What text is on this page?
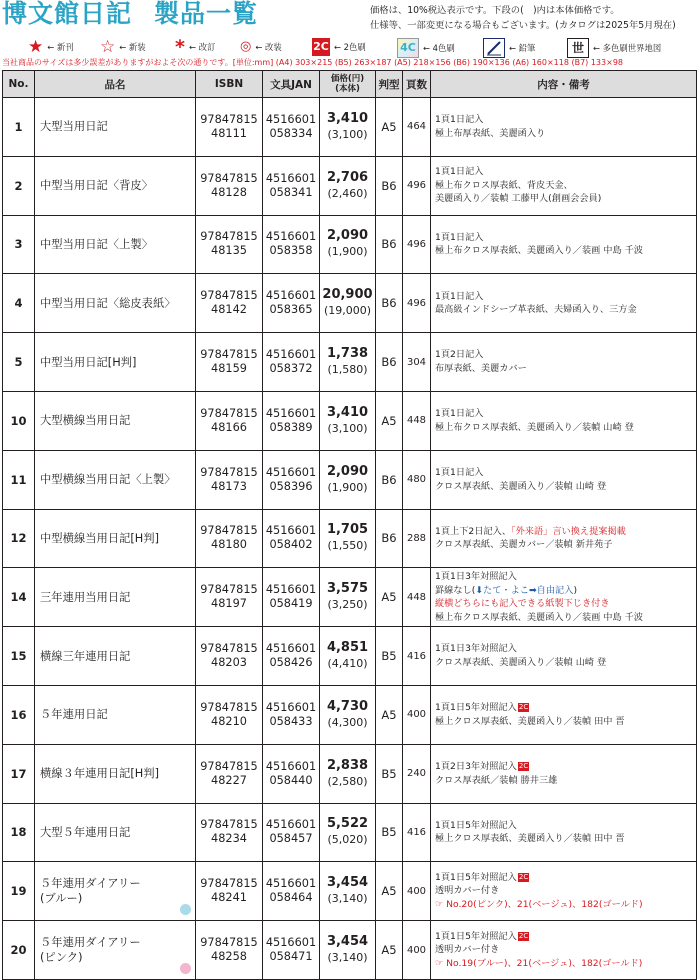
博文館日記 製品一覧	価格は、10%税込表示です。下段の(　)内は本体価格です。
仕様等、一部変更になる場合もございます。(カタログは2025年5月現在)
★ ← 新刊 ☆ ← 新装 * ← 改訂 ◎ ← 改装	2C ← 2色刷	4C ← 4色刷	← 鉛筆	世	← 多色刷世界地図
当社商品のサイズは多少誤差がありますがおよそ次の通りです。[単位:mm] (A4) 303×215 (B5) 263×187 (A5) 218×156 (B6) 190×136 (A6) 160×118 (B7) 133×98
No.	品名	ISBN	文具JAN	価格(円)
(本体)	判型	頁数	内容・備考
1	大型当用日記	97847815
48111	4516601
058334	3,410
(3,100)	A5	464	1頁1日記入
極上布厚表紙、美麗函入り
2	中型当用日記〈背皮〉	97847815
48128	4516601
058341	2,706
(2,460)	B6	496	1頁1日記入
極上布クロス厚表紙、背皮天金、
美麗函入り／装幀 工藤甲人(創画会会員)
3	中型当用日記〈上製〉	97847815
48135	4516601
058358	2,090
(1,900)	B6	496	1頁1日記入
極上布クロス厚表紙、美麗函入り／装画 中島 千波
4	中型当用日記〈総皮表紙〉	97847815
48142	4516601
058365	20,900
(19,000)	B6	496	1頁1日記入
最高級インドシープ革表紙、夫婦函入り、三方金
5	中型当用日記[H判]	97847815
48159	4516601
058372	1,738
(1,580)	B6	304	1頁2日記入
布厚表紙、美麗カバー
10	大型横線当用日記	97847815
48166	4516601
058389	3,410
(3,100)	A5	448	1頁1日記入
極上布クロス厚表紙、美麗函入り／装幀 山崎 登
11	中型横線当用日記〈上製〉	97847815
48173	4516601
058396	2,090
(1,900)	B6	480	1頁1日記入
クロス厚表紙、美麗函入り／装幀 山崎 登
12	中型横線当用日記[H判]	97847815
48180	4516601
058402	1,705
(1,550)	B6	288	1頁上下2日記入、「外来語」言い換え提案掲載
クロス厚表紙、美麗カバー／装幀 新井苑子
14	三年連用当用日記	97847815
48197	4516601
058419	3,575
(3,250)	A5	448	1頁1日3年対照記入
罫線なし(⬇たて・よこ➡自由記入)
縦横どちらにも記入できる紙製下じき付き
極上布クロス厚表紙、美麗函入り／装画 中島 千波
15	横線三年連用日記	97847815
48203	4516601
058426	4,851
(4,410)	B5	416	1頁1日3年対照記入
クロス厚表紙、美麗函入り／装幀 山崎 登
16	５年連用日記	97847815
48210	4516601
058433	4,730
(4,300)	A5	400	1頁1日5年対照記入 2C
極上クロス厚表紙、美麗函入り／装幀 田中 晋
17	横線３年連用日記[H判]	97847815
48227	4516601
058440	2,838
(2,580)	B5	240	1頁2日3年対照記入 2C
クロス厚表紙／装幀 勝井三雄
18	大型５年連用日記	97847815
48234	4516601
058457	5,522
(5,020)	B5	416	1頁1日5年対照記入
極上クロス厚表紙、美麗函入り／装幀 田中 晋
19	５年連用ダイアリー
(ブルー)	97847815
48241	4516601
058464	3,454
(3,140)	A5	400	1頁1日5年対照記入 2C
透明カバー付き
☞ No.20(ピンク)、21(ベージュ)、182(ゴールド)
20	５年連用ダイアリー
(ピンク)	97847815
48258	4516601
058471	3,454
(3,140)	A5	400	1頁1日5年対照記入 2C
透明カバー付き
☞ No.19(ブルー)、21(ベージュ)、182(ゴールド)
